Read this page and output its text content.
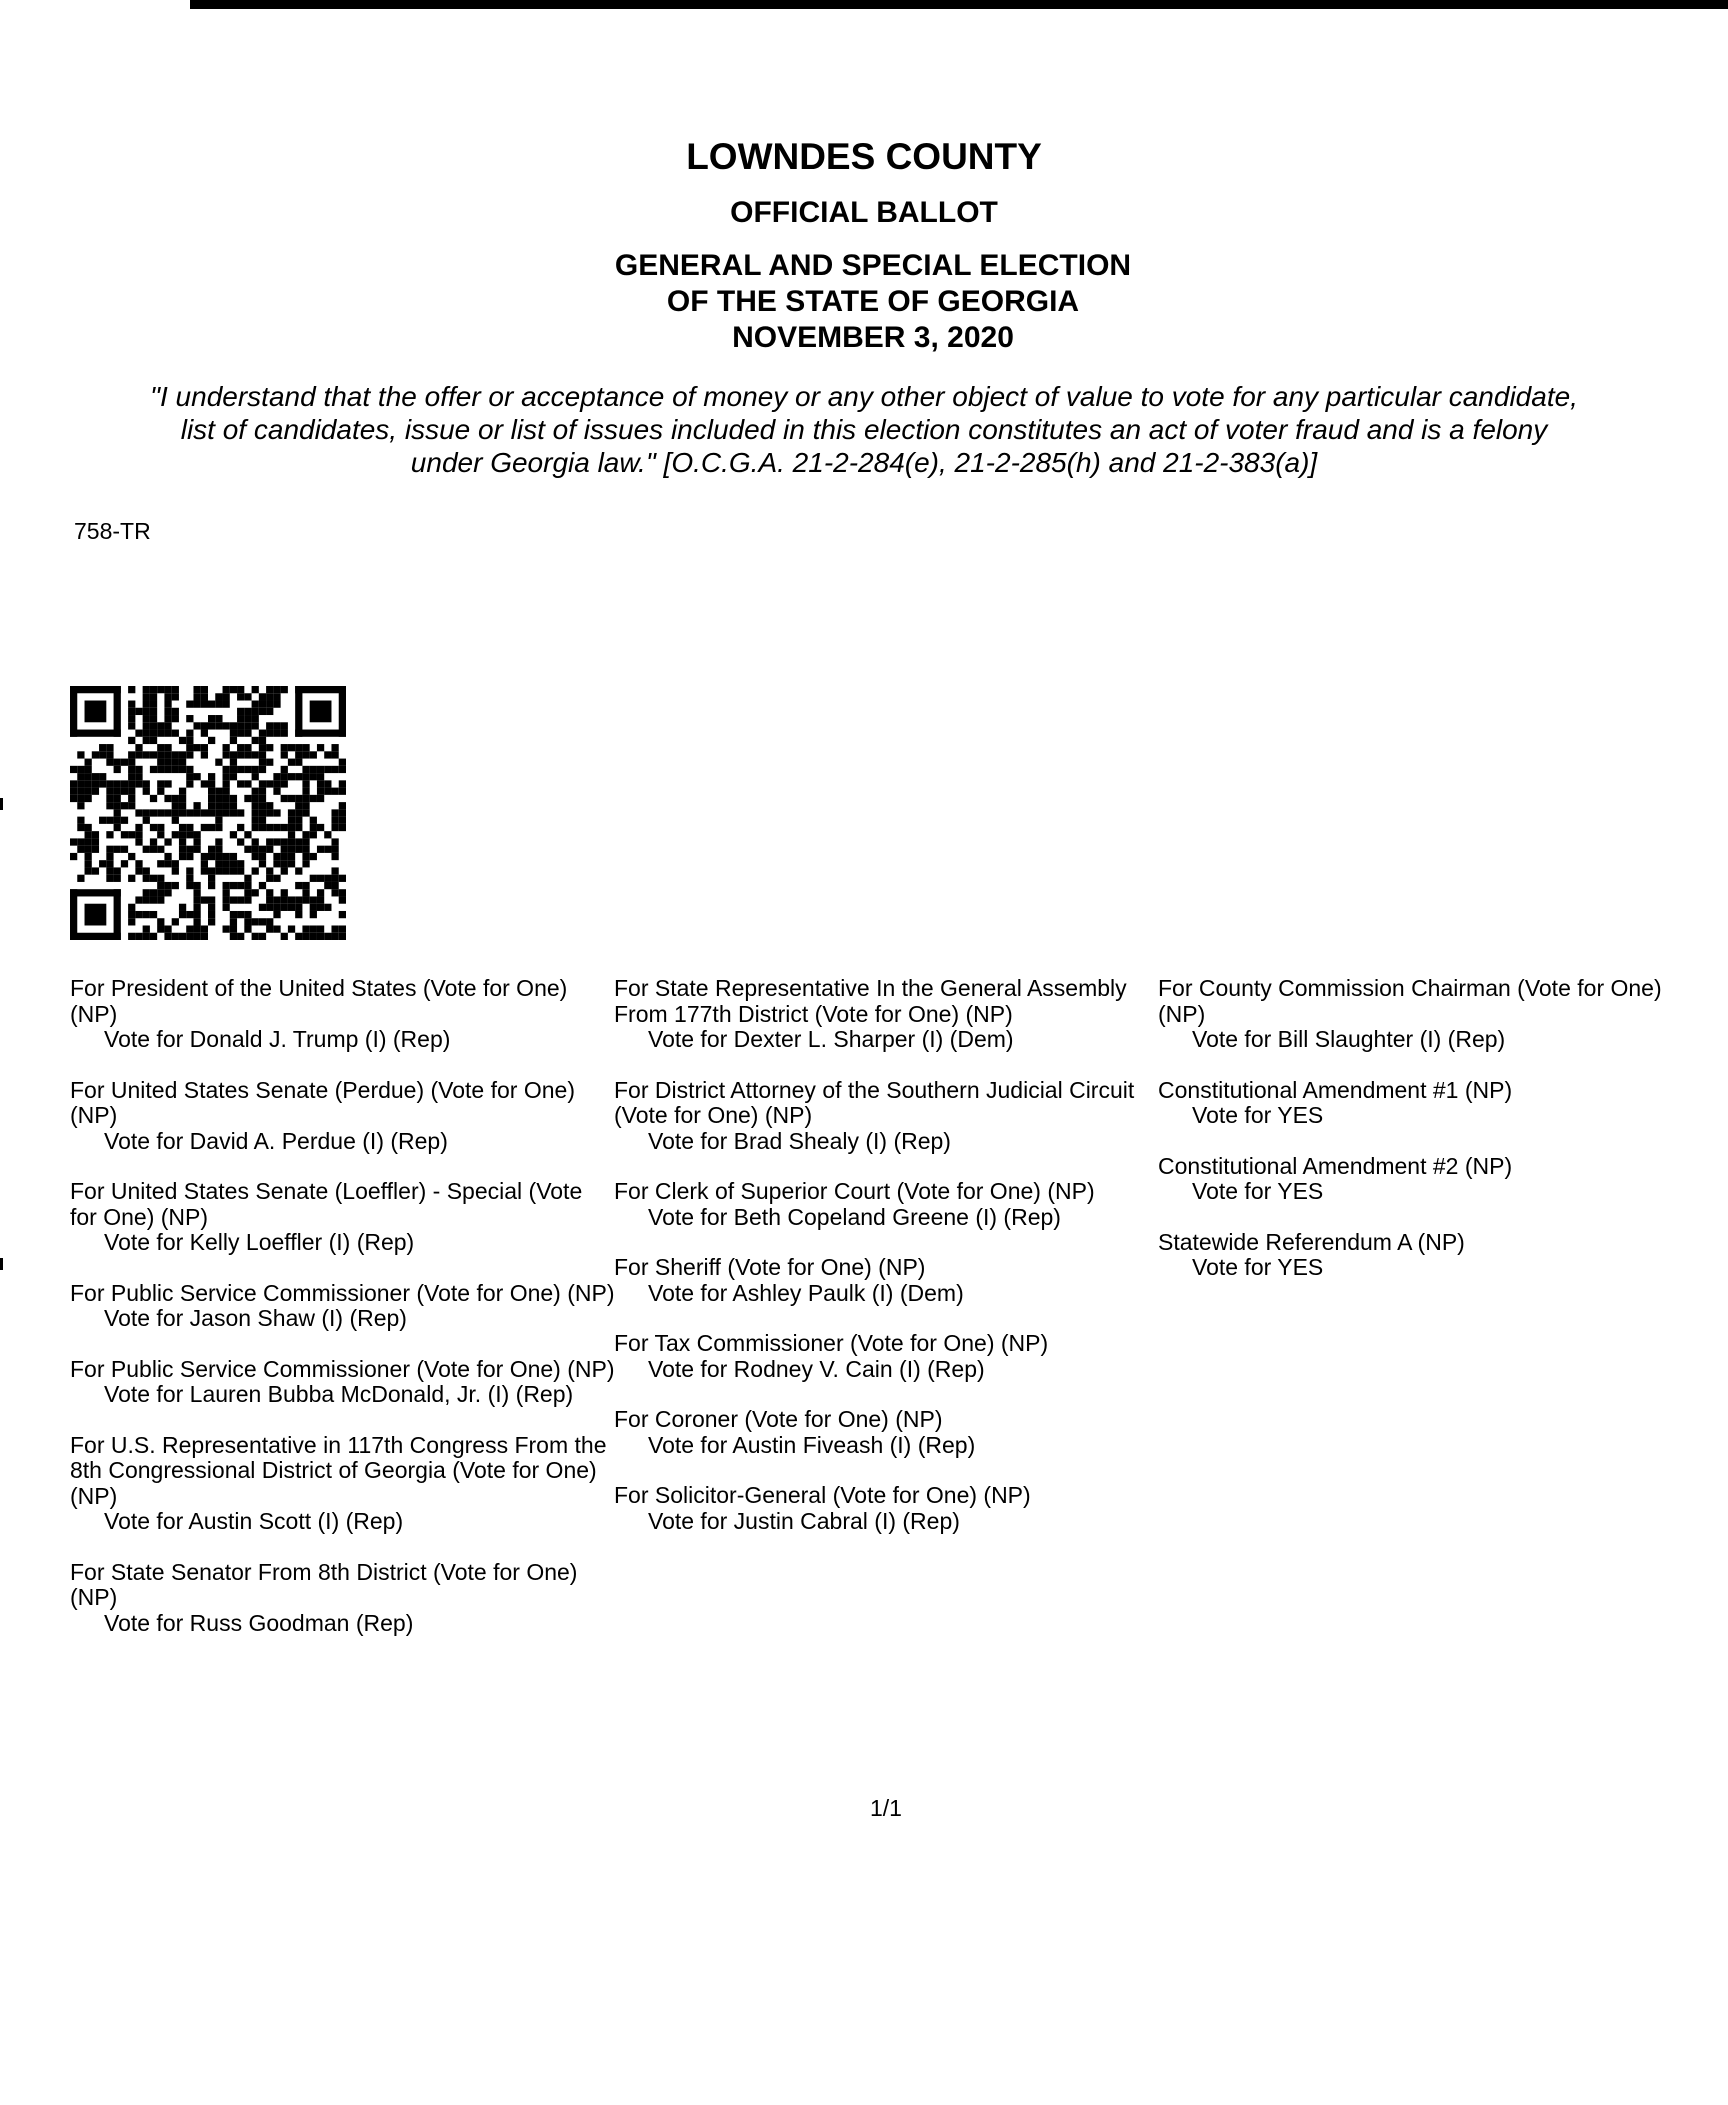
LOWNDES COUNTY
OFFICIAL BALLOT
GENERAL AND SPECIAL ELECTION
OF THE STATE OF GEORGIA
NOVEMBER 3, 2020
"I understand that the offer or acceptance of money or any other object of value to vote for any particular candidate,
list of candidates, issue or list of issues included in this election constitutes an act of voter fraud and is a felony
under Georgia law." [O.C.G.A. 21-2-284(e), 21-2-285(h) and 21-2-383(a)]
758-TR
For President of the United States (Vote for One) (NP)
Vote for Donald J. Trump (I) (Rep)
For United States Senate (Perdue) (Vote for One) (NP)
Vote for David A. Perdue (I) (Rep)
For United States Senate (Loeffler) - Special (Vote for One) (NP)
Vote for Kelly Loeffler (I) (Rep)
For Public Service Commissioner (Vote for One) (NP)
Vote for Jason Shaw (I) (Rep)
For Public Service Commissioner (Vote for One) (NP)
Vote for Lauren Bubba McDonald, Jr. (I) (Rep)
For U.S. Representative in 117th Congress From the 8th Congressional District of Georgia (Vote for One) (NP)
Vote for Austin Scott (I) (Rep)
For State Senator From 8th District (Vote for One) (NP)
Vote for Russ Goodman (Rep)
For State Representative In the General Assembly From 177th District (Vote for One) (NP)
Vote for Dexter L. Sharper (I) (Dem)
For District Attorney of the Southern Judicial Circuit (Vote for One) (NP)
Vote for Brad Shealy (I) (Rep)
For Clerk of Superior Court (Vote for One) (NP)
Vote for Beth Copeland Greene (I) (Rep)
For Sheriff (Vote for One) (NP)
Vote for Ashley Paulk (I) (Dem)
For Tax Commissioner (Vote for One) (NP)
Vote for Rodney V. Cain (I) (Rep)
For Coroner (Vote for One) (NP)
Vote for Austin Fiveash (I) (Rep)
For Solicitor-General (Vote for One) (NP)
Vote for Justin Cabral (I) (Rep)
For County Commission Chairman (Vote for One) (NP)
Vote for Bill Slaughter (I) (Rep)
Constitutional Amendment #1 (NP)
Vote for YES
Constitutional Amendment #2 (NP)
Vote for YES
Statewide Referendum A (NP)
Vote for YES
1/1
